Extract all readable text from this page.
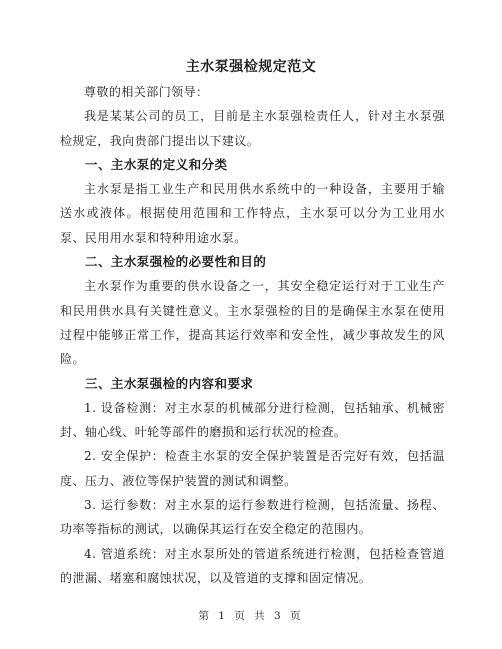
主水泵强检规定范文

尊敬的相关部门领导：

我是某某公司的员工，目前是主水泵强检责任人，针对主水泵强检规定，我向贵部门提出以下建议。

一、主水泵的定义和分类

主水泵是指工业生产和民用供水系统中的一种设备，主要用于输送水或液体。根据使用范围和工作特点，主水泵可以分为工业用水泵、民用用水泵和特种用途水泵。

二、主水泵强检的必要性和目的

主水泵作为重要的供水设备之一，其安全稳定运行对于工业生产和民用供水具有关键性意义。主水泵强检的目的是确保主水泵在使用过程中能够正常工作，提高其运行效率和安全性，减少事故发生的风险。

三、主水泵强检的内容和要求

1. 设备检测：对主水泵的机械部分进行检测，包括轴承、机械密封、轴心线、叶轮等部件的磨损和运行状况的检查。

2. 安全保护：检查主水泵的安全保护装置是否完好有效，包括温度、压力、液位等保护装置的测试和调整。

3. 运行参数：对主水泵的运行参数进行检测，包括流量、扬程、功率等指标的测试，以确保其运行在安全稳定的范围内。

4. 管道系统：对主水泵所处的管道系统进行检测，包括检查管道的泄漏、堵塞和腐蚀状况，以及管道的支撑和固定情况。

第 1 页 共 3 页
